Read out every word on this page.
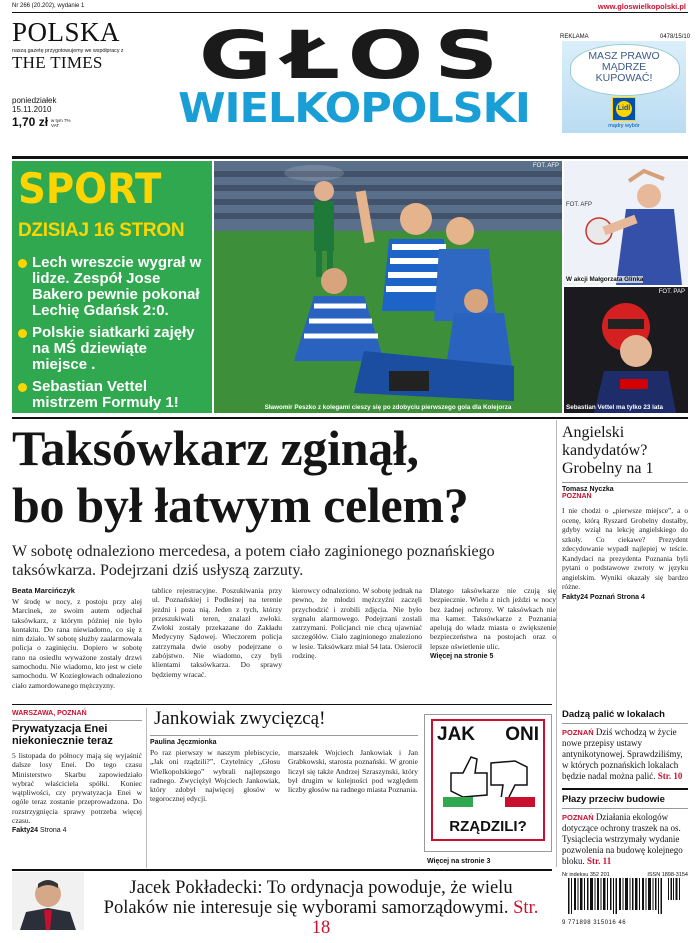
Nr 266 (20.202), wydanie 1	www.gloswielkopolski.pl
POLSKA
naszą gazetę przygotowujemy we współpracy z
THE TIMES
poniedziałek
15.11.2010
1,70 zł w tym 7% VAT
GŁOS
WIELKOPOLSKI
REKLAMA	0478/15/10
MASZ PRAWO
MĄDRZE
KUPOWAĆ!
Lidl
mądry wybór
SPORT
DZISIAJ 16 STRON
Lech wreszcie wygrał w lidze. Zespół Jose Bakero pewnie pokonał Lechię Gdańsk 2:0.
Polskie siatkarki zajęły na MŚ dziewiąte miejsce .
Sebastian Vettel mistrzem Formuły 1!
FOT. AFP
Sławomir Peszko z kolegami cieszy się po zdobyciu pierwszego gola dla Kolejorza
FOT. AFP
W akcji Małgorzata Glinka
FOT. PAP
Sebastian Vettel ma tylko 23 lata
Taksówkarz zginął,
bo był łatwym celem?
W sobotę odnaleziono mercedesa, a potem ciało zaginionego poznańskiego taksówkarza. Podejrzani dziś usłyszą zarzuty.
Beata Marcińczyk
W środę w nocy, z postoju przy alej Marcinek, ze swoim autem odjechał taksówkarz, z którym później nie było kontaktu. Do rana niewiadomo, co się z nim działo. W sobotę służby zaalarmowała policja o zaginięciu. Dopiero w sobotę rano na osiedlu wyważone zostały drzwi samochodu. Nie wiadomo, kto jest w ciele samochodu. W Koziegłowach odnaleziono ciało zamordowanego mężczyzny.
tablice rejestracyjne. Poszukiwania przy ul. Poznańskiej i Podleśnej na terenie jezdni i poza nią. Jeden z tych, którzy przeszukiwali teren, znalazł zwłoki. Zwłoki zostały przekazane do Zakładu Medycyny Sądowej. Wieczorem policja zatrzymała dwie osoby podejrzane o zabójstwo. Nie wiadomo, czy byli klientami taksówkarza. Do sprawy będziemy wracać.
kierowcy odnaleziono. W sobotę jednak na pewno, że młodzi mężczyźni zaczęli przychodzić i zrobili zdjęcia. Nie było sygnału alarmowego. Podejrzani zostali zatrzymani. Policjanci nie chcą ujawniać szczegółów. Ciało zaginionego znaleziono w lesie. Taksówkarz miał 54 lata. Osierocił rodzinę.
Dlatego taksówkarze nie czują się bezpiecznie. Wielu z nich jeździ w nocy bez żadnej ochrony. W taksówkach nie ma kamer. Taksówkarze z Poznania apelują do władz miasta o zwiększenie bezpieczeństwa na postojach oraz o lepsze oświetlenie ulic.
Więcej na stronie 5
Angielski kandydatów? Grobelny na 1
Tomasz Nyczka
POZNAŃ
I nie chodzi o „pierwsze miejsce”, a o ocenę, którą Ryszard Grobelny dostałby, gdyby wziął na lekcję angielskiego do szkoły. Co ciekawe? Prezydent zdecydowanie wypadł najlepiej w teście. Kandydaci na prezydenta Poznania byli pytani o podstawowe zwroty w języku angielskim. Wyniki okazały się bardzo różne.
Fakty24 Poznań Strona 4
WARSZAWA, POZNAŃ
Prywatyzacja Enei niekoniecznie teraz
5 listopada do północy mają się wyjaśnić dalsze losy Enei. Do tego czasu Ministerstwo Skarbu zapowiedziało wybrać właściciela spółki. Koniec wątpliwości, czy prywatyzacja Enei w ogóle teraz zostanie przeprowadzona. Do rozstrzygnięcia sprawy potrzeba więcej czasu.
Fakty24 Strona 4
Jankowiak zwycięzcą!
Paulina Jęczmionka
Po raz pierwszy w naszym plebiscycie, „Jak oni rządzili?”, Czytelnicy „Głosu Wielkopolskiego” wybrali najlepszego radnego. Zwyciężył Wojciech Jankowiak, który zdobył najwięcej głosów w tegorocznej edycji.
marszałek Wojciech Jankowiak i Jan Grabkowski, starosta poznański. W gronie liczył się także Andrzej Szraszynski, który był drugim w kolejności pod względem liczby głosów na radnego miasta Poznania.
JAK ONI
RZĄDZILI?
Więcej na stronie 3
Dadzą palić w lokalach
POZNAŃ Dziś wchodzą w życie nowe przepisy ustawy antynikotynowej. Sprawdziliśmy, w których poznańskich lokalach będzie nadal można palić. Str. 10
Płazy przeciw budowie
POZNAŃ Działania ekologów dotyczące ochrony traszek na os. Tysiąclecia wstrzymały wydanie pozwolenia na budowę kolejnego bloku. Str. 11
Jacek Pokładecki: To ordynacja powoduje, że wielu Polaków nie interesuje się wyborami samorządowymi. Str. 18
Nr indeksu 352 201	ISSN 1898-3154
9 771898 315016 46
